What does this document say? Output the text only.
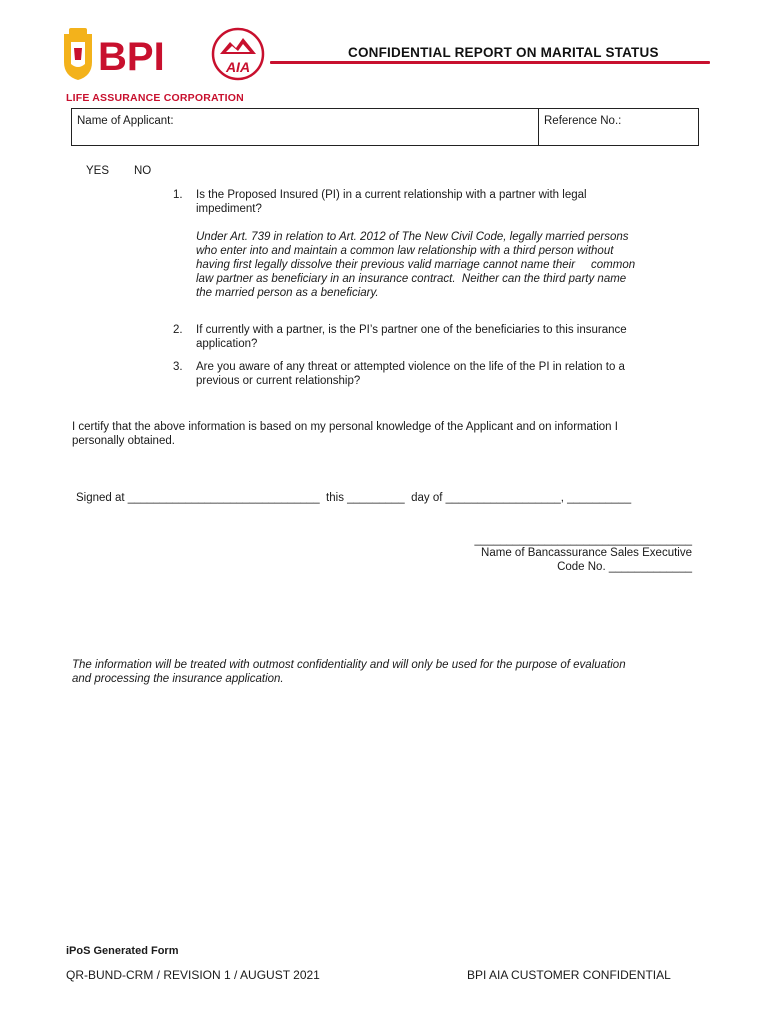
BPI	AIA
CONFIDENTIAL REPORT ON MARITAL STATUS
LIFE ASSURANCE CORPORATION
Name of Applicant:	Reference No.:
YES NO
1. Is the Proposed Insured (PI) in a current relationship with a partner with legal
impediment?
Under Art. 739 in relation to Art. 2012 of The New Civil Code, legally married persons
who enter into and maintain a common law relationship with a third person without
having first legally dissolve their previous valid marriage cannot name their     common
law partner as beneficiary in an insurance contract.  Neither can the third party name
the married person as a beneficiary.
2. If currently with a partner, is the PI’s partner one of the beneficiaries to this insurance
application?
3. Are you aware of any threat or attempted violence on the life of the PI in relation to a
previous or current relationship?
I certify that the above information is based on my personal knowledge of the Applicant and on information I
personally obtained.
Signed at ______________________________  this _________  day of __________________, __________
__________________________________
Name of Bancassurance Sales Executive
Code No. _____________
The information will be treated with outmost confidentiality and will only be used for the purpose of evaluation
and processing the insurance application.
iPoS Generated Form
QR-BUND-CRM / REVISION 1 / AUGUST 2021	BPI AIA CUSTOMER CONFIDENTIAL
